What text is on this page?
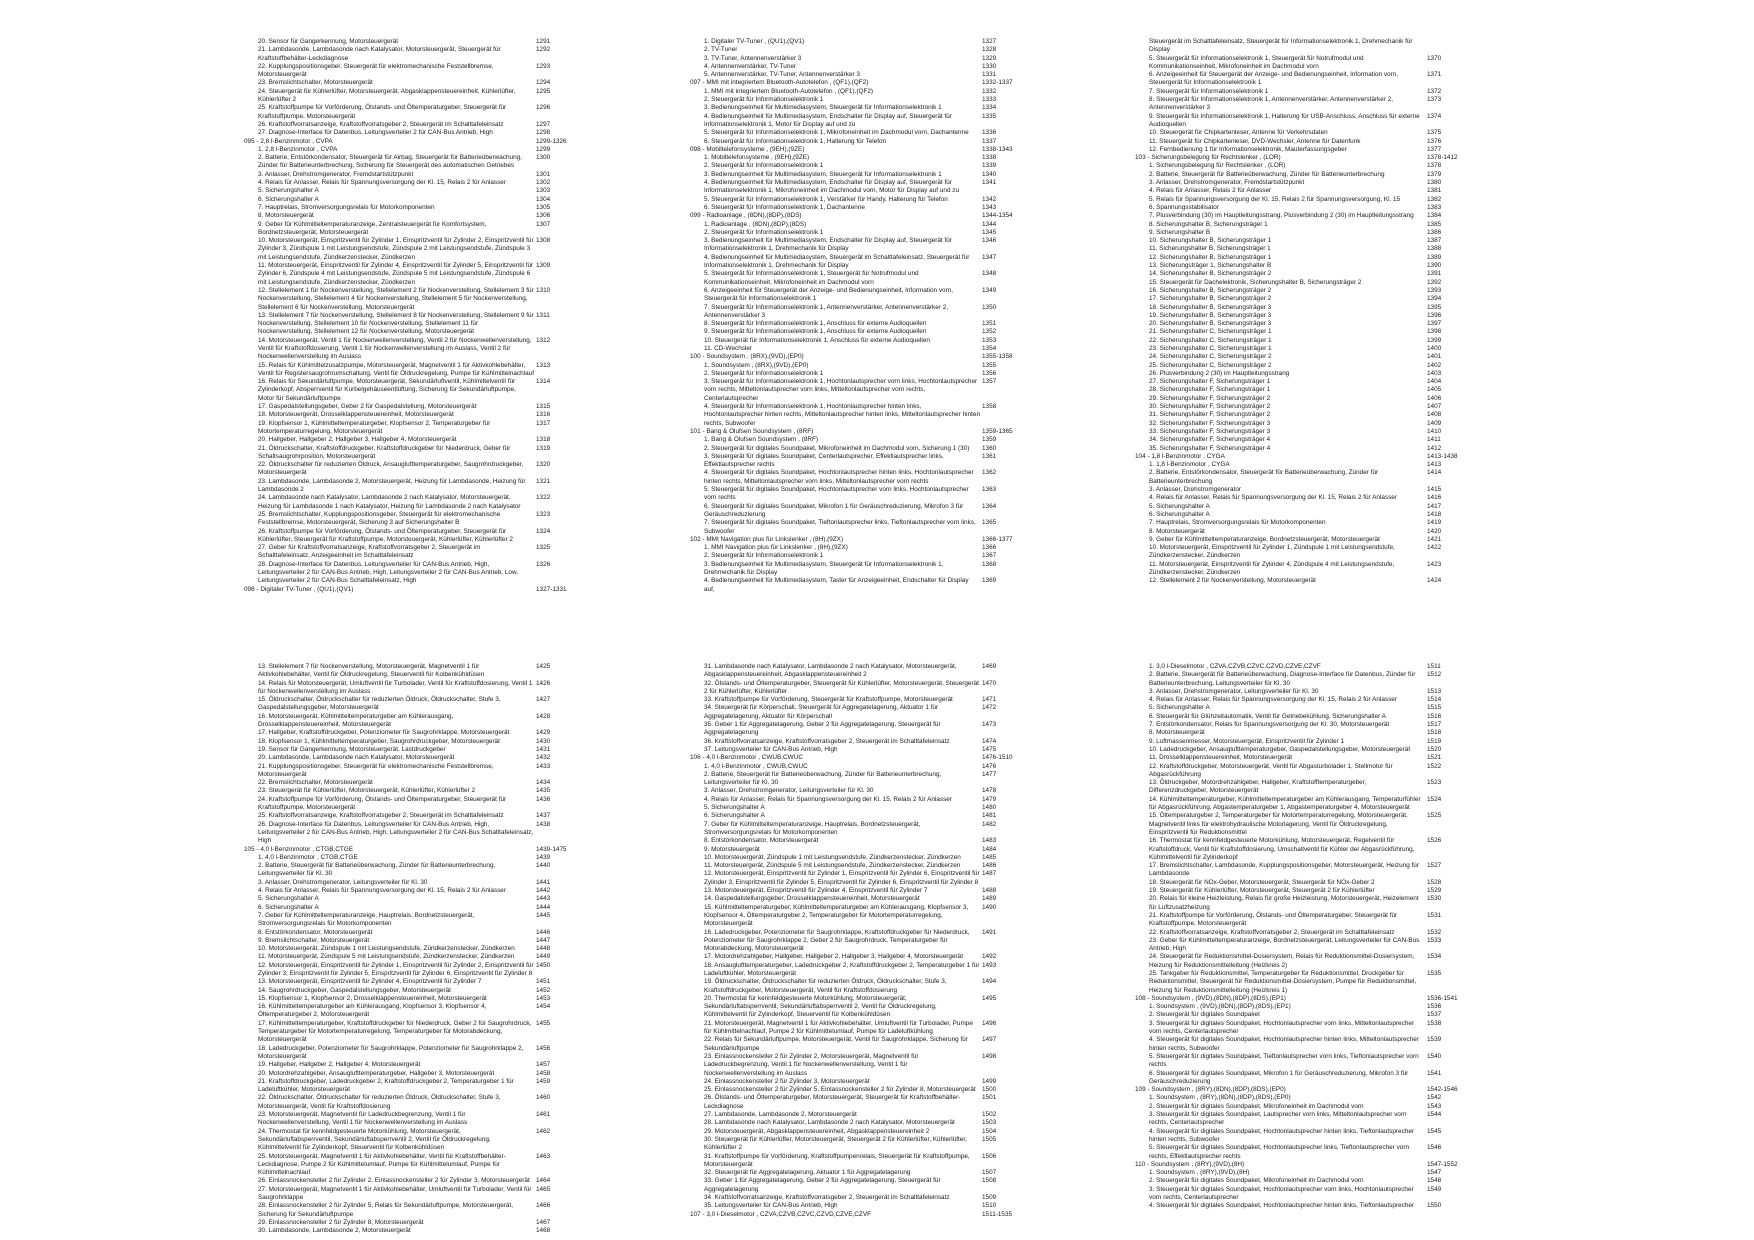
20. Sensor für Gangerkennung, Motorsteuergerät	1291
21. Lambdasonde, Lambdasonde nach Katalysator, Motorsteuergerät, Steuergerät für Kraftstoffbehälter-Leckdiagnose
1292
22. Kupplungspositionsgeber, Steuergerät für elektromechanische Feststellbremse, Motorsteuergerät
1293
23. Bremslichtschalter, Motorsteuergerät	1294
24. Steuergerät für Kühlerlüfter, Motorsteuergerät, Abgasklappensteuereinheit, Kühlerlüfter, Kühlerlüfter 2
1295
25. Kraftstoffpumpe für Vorförderung, Ölstands- und Öltemperaturgeber, Steuergerät für Kraftstoffpumpe, Motorsteuergerät
1296
26. Kraftstoffvorratsanzeige, Kraftstoffvorratsgeber 2, Steuergerät im Schalttafeleinsatz	1297
27. Diagnose-Interface für Datenbus, Leitungsverteiler 2 für CAN-Bus Antrieb, High	1298
095 - 2,8 l-Benzinmotor , CVPA	1299-1326
1. 2,8 l-Benzinmotor , CVPA	1299
2. Batterie, Entstörkondensator, Steuergerät für Airbag, Steuergerät für Batterieüberwachung, Zünder für Batterieunterbrechung, Sicherung für Steuergerät des automatischen Getriebes
1300
3. Anlasser, Drehstromgenerator, Fremdstartstützpunkt	1301
4. Relais für Anlasser, Relais für Spannungsversorgung der Kl. 15, Relais 2 für Anlasser	1302
5. Sicherungshalter A	1303
6. Sicherungshalter A	1304
7. Hauptrelais, Stromversorgungsrelais für Motorkomponenten	1305
8. Motorsteuergerät	1306
9. Geber für Kühlmitteltemperaturanzeige, Zentralsteuergerät für Komfortsystem, Bordnetzsteuergerät, Motorsteuergerät
1307
10. Motorsteuergerät, Einspritzventil für Zylinder 1, Einspritzventil für Zylinder 2, Einspritzventil für Zylinder 3, Zündspule 1 mit Leistungsendstufe, Zündspule 2 mit Leistungsendstufe, Zündspule 3 mit Leistungsendstufe, Zündkerzenstecker, Zündkerzen
1308
11. Motorsteuergerät, Einspritzventil für Zylinder 4, Einspritzventil für Zylinder 5, Einspritzventil für Zylinder 6, Zündspule 4 mit Leistungsendstufe, Zündspule 5 mit Leistungsendstufe, Zündspule 6 mit Leistungsendstufe, Zündkerzenstecker, Zündkerzen
1309
12. Stellelement 1 für Nockenverstellung, Stellelement 2 für Nockenverstellung, Stellelement 3 für Nockenverstellung, Stellelement 4 für Nockenverstellung, Stellelement 5 für Nockenverstellung, Stellelement 6 für Nockenverstellung, Motorsteuergerät
1310
13. Stellelement 7 für Nockenverstellung, Stellelement 8 für Nockenverstellung, Stellelement 9 für Nockenverstellung, Stellelement 10 für Nockenverstellung, Stellelement 11 für Nockenverstellung, Stellelement 12 für Nockenverstellung, Motorsteuergerät
1311
14. Motorsteuergerät, Ventil 1 für Nockenwellenverstellung, Ventil 2 für Nockenwellenverstellung, Ventil für Kraftstoffdosierung, Ventil 1 für Nockenwellenverstellung im Auslass, Ventil 2 für Nockenwellenverstellung im Auslass
1312
15. Relais für Kühlmittelzusatzpumpe, Motorsteuergerät, Magnetventil 1 für Aktivkohlebehälter, Ventil für Registersaugrohrumschaltung, Ventil für Öldruckregelung, Pumpe für Kühlmittelnachlauf
1313
16. Relais für Sekundärluftpumpe, Motorsteuergerät, Sekundärluftventil, Kühlmittelventil für Zylinderkopf, Absperrventil für Kurbelgehäuseentlüftung, Sicherung für Sekundärluftpumpe, Motor für Sekundärluftpumpe
1314
17. Gaspedalstellungsgeber, Geber 2 für Gaspedalstellung, Motorsteuergerät	1315
18. Motorsteuergerät, Drosselklappensteuereinheit, Motorsteuergerät	1316
19. Klopfsensor 1, Kühlmitteltemperaturgeber, Klopfsensor 2, Temperaturgeber für Motortemperaturregelung, Motorsteuergerät
1317
20. Hallgeber, Hallgeber 2, Hallgeber 3, Hallgeber 4, Motorsteuergerät	1318
21. Öldruckschalter, Kraftstoffdruckgeber, Kraftstoffdruckgeber für Niederdruck, Geber für Schaltsaugrohrposition, Motorsteuergerät
1319
22. Öldruckschalter für reduzierten Öldruck, Ansauglufttemperaturgeber, Saugrohrdruckgeber, Motorsteuergerät
1320
23. Lambdasonde, Lambdasonde 2, Motorsteuergerät, Heizung für Lambdasonde, Heizung für Lambdasonde 2
1321
24. Lambdasonde nach Katalysator, Lambdasonde 2 nach Katalysator, Motorsteuergerät, Heizung für Lambdasonde 1 nach Katalysator, Heizung für Lambdasonde 2 nach Katalysator
1322
25. Bremslichtschalter, Kupplungspositionsgeber, Steuergerät für elektromechanische Feststellbremse, Motorsteuergerät, Sicherung 3 auf Sicherungshalter B
1323
26. Kraftstoffpumpe für Vorförderung, Ölstands- und Öltemperaturgeber, Steuergerät für Kühlerlüfter, Steuergerät für Kraftstoffpumpe, Motorsteuergerät, Kühlerlüfter, Kühlerlüfter 2
1324
27. Geber für Kraftstoffvorratsanzeige, Kraftstoffvorratsgeber 2, Steuergerät im Schalttafeleinsatz, Anzeigeeinheit im Schalttafeleinsatz
1325
28. Diagnose-Interface für Datenbus, Leitungsverteiler für CAN-Bus Antrieb, High, Leitungsverteiler 2 für CAN-Bus Antrieb, High, Leitungsverteiler 2 für CAN-Bus Antrieb, Low, Leitungsverteiler 2 für CAN-Bus Schalttafeleinsatz, High
1326
096 - Digitaler TV-Tuner , (QU1),(QV1)	1327-1331
1. Digitaler TV-Tuner , (QU1),(QV1)	1327
2. TV-Tuner	1328
3. TV-Tuner, Antennenverstärker 3	1329
4. Antennenverstärker, TV-Tuner	1330
5. Antennenverstärker, TV-Tuner, Antennenverstärker 3	1331
097 - MMI mit integriertem Bluetooth-Autotelefon , (QF1),(QF2)	1332-1337
1. MMI mit integriertem Bluetooth-Autotelefon , (QF1),(QF2)	1332
2. Steuergerät für Informationselektronik 1	1333
3. Bedienungseinheit für Multimediasystem, Steuergerät für Informationselektronik 1	1334
4. Bedienungseinheit für Multimediasystem, Endschalter für Display auf, Steuergerät für Informationselektronik 1, Motor für Display auf und zu
1335
5. Steuergerät für Informationselektronik 1, Mikrofoneinheit im Dachmodul vorn, Dachantenne	1336
6. Steuergerät für Informationselektronik 1, Halterung für Telefon	1337
098 - Mobiltelefonsysteme , (9EH),(9ZE)	1338-1343
1. Mobiltelefonsysteme , (9EH),(9ZE)	1338
2. Steuergerät für Informationselektronik 1	1339
3. Bedienungseinheit für Multimediasystem, Steuergerät für Informationselektronik 1	1340
4. Bedienungseinheit für Multimediasystem, Endschalter für Display auf, Steuergerät für Informationselektronik 1, Mikrofoneinheit im Dachmodul vorn, Motor für Display auf und zu
1341
5. Steuergerät für Informationselektronik 1, Verstärker für Handy, Halterung für Telefon	1342
6. Steuergerät für Informationselektronik 1, Dachantenne	1343
099 - Radioanlage , (8DN),(8DP),(8DS)	1344-1354
1. Radioanlage , (8DN),(8DP),(8DS)	1344
2. Steuergerät für Informationselektronik 1	1345
3. Bedienungseinheit für Multimediasystem, Endschalter für Display auf, Steuergerät für Informationselektronik 1, Drehmechanik für Display
1346
4. Bedienungseinheit für Multimediasystem, Steuergerät im Schalttafeleinsatz, Steuergerät für Informationselektronik 1, Drehmechanik für Display
1347
5. Steuergerät für Informationselektronik 1, Steuergerät für Notrufmodul und Kommunikationseinheit, Mikrofoneinheit im Dachmodul vorn
1348
6. Anzeigeeinheit für Steuergerät der Anzeige- und Bedienungseinheit, Information vorn, Steuergerät für Informationselektronik 1
1349
7. Steuergerät für Informationselektronik 1, Antennenverstärker, Antennenverstärker 2, Antennenverstärker 3
1350
8. Steuergerät für Informationselektronik 1, Anschluss für externe Audioquellen	1351
9. Steuergerät für Informationselektronik 1, Anschluss für externe Audioquellen	1352
10. Steuergerät für Informationselektronik 1, Anschluss für externe Audioquellen	1353
11. CD-Wechsler	1354
100 - Soundsystem , (8RX),(9VD),(EP0)	1355-1358
1. Soundsystem , (8RX),(9VD),(EP0)	1355
2. Steuergerät für Informationselektronik 1	1356
3. Steuergerät für Informationselektronik 1, Hochtonlautsprecher vorn links, Hochtonlautsprecher vorn rechts, Mitteltonlautsprecher vorn links, Mitteltonlautsprecher vorn rechts, Centerlautsprecher
1357
4. Steuergerät für Informationselektronik 1, Hochtonlautsprecher hinten links, Hochtonlautsprecher hinten rechts, Mitteltonlautsprecher hinten links, Mitteltonlautsprecher hinten rechts, Subwoofer
1358
101 - Bang & Olufsen Soundsystem , (8RF)	1359-1365
1. Bang & Olufsen Soundsystem , (8RF)	1359
2. Steuergerät für digitales Soundpaket, Mikrofoneinheit im Dachmodul vorn, Sicherung 1 (30)	1360
3. Steuergerät für digitales Soundpaket, Centerlautsprecher, Effektlautsprecher links, Effektlautsprecher rechts
1361
4. Steuergerät für digitales Soundpaket, Hochtonlautsprecher hinten links, Hochtonlautsprecher hinten rechts, Mitteltonlautsprecher vorn links, Mitteltonlautsprecher vorn rechts
1362
5. Steuergerät für digitales Soundpaket, Hochtonlautsprecher vorn links, Hochtonlautsprecher vorn rechts
1363
6. Steuergerät für digitales Soundpaket, Mikrofon 1 für Geräuschreduzierung, Mikrofon 3 für Geräuschreduzierung
1364
7. Steuergerät für digitales Soundpaket, Tieftonlautsprecher links, Tieftonlautsprecher vorn links, Subwoofer
1365
102 - MMI Navigation plus für Linkslenker , (8H),(9ZX)	1366-1377
1. MMI Navigation plus für Linkslenker , (8H),(9ZX)	1366
2. Steuergerät für Informationselektronik 1	1367
3. Bedienungseinheit für Multimediasystem, Steuergerät für Informationselektronik 1, Drehmechanik für Display
1368
4. Bedienungseinheit für Multimediasystem, Taster für Anzeigeeinheit, Endschalter für Display auf,
1369
Steuergerät im Schalttafeleinsatz, Steuergerät für Informationselektronik 1, Drehmechanik für Display
5. Steuergerät für Informationselektronik 1, Steuergerät für Notrufmodul und Kommunikationseinheit, Mikrofoneinheit im Dachmodul vorn
1370
6. Anzeigeeinheit für Steuergerät der Anzeige- und Bedienungseinheit, Information vorn, Steuergerät für Informationselektronik 1
1371
7. Steuergerät für Informationselektronik 1	1372
8. Steuergerät für Informationselektronik 1, Antennenverstärker, Antennenverstärker 2, Antennenverstärker 3
1373
9. Steuergerät für Informationselektronik 1, Halterung für USB-Anschluss, Anschluss für externe Audioquellen
1374
10. Steuergerät für Chipkartenleser, Antenne für Verkehrsdaten	1375
11. Steuergerät für Chipkartenleser, DVD-Wechsler, Antenne für Datenfunk	1376
12. Fernbedienung 1 für Informationselektronik, Mauterfassungsgeber	1377
103 - Sicherungsbelegung für Rechtslenker , (LOR)	1378-1412
1. Sicherungsbelegung für Rechtslenker , (LOR)	1378
2. Batterie, Steuergerät für Batterieüberwachung, Zünder für Batterieunterbrechung	1379
3. Anlasser, Drehstromgenerator, Fremdstartstützpunkt	1380
4. Relais für Anlasser, Relais 2 für Anlasser	1381
5. Relais für Spannungsversorgung der Kl. 15, Relais 2 für Spannungsversorgung, Kl. 15	1382
6. Spannungsstabilisator	1383
7. Plusverbindung (30) im Hauptleitungsstrang, Plusverbindung 2 (30) im Hauptleitungsstrang	1384
8. Sicherungshalter B, Sicherungsträger 1	1385
9. Sicherungshalter B	1386
10. Sicherungshalter B, Sicherungsträger 1	1387
11. Sicherungshalter B, Sicherungsträger 1	1388
12. Sicherungshalter B, Sicherungsträger 1	1389
13. Sicherungsträger 1, Sicherungshalter B	1390
14. Sicherungshalter B, Sicherungsträger 2	1391
15. Steuergerät für Dachelektronik, Sicherungshalter B, Sicherungsträger 2	1392
16. Sicherungshalter B, Sicherungsträger 2	1393
17. Sicherungshalter B, Sicherungsträger 2	1394
18. Sicherungshalter B, Sicherungsträger 3	1395
19. Sicherungshalter B, Sicherungsträger 3	1396
20. Sicherungshalter B, Sicherungsträger 3	1397
21. Sicherungshalter C, Sicherungsträger 1	1398
22. Sicherungshalter C, Sicherungsträger 1	1399
23. Sicherungshalter C, Sicherungsträger 1	1400
24. Sicherungshalter C, Sicherungsträger 2	1401
25. Sicherungshalter C, Sicherungsträger 2	1402
26. Plusverbindung 2 (30) im Hauptleitungsstrang	1403
27. Sicherungshalter F, Sicherungsträger 1	1404
28. Sicherungshalter F, Sicherungsträger 1	1405
29. Sicherungshalter F, Sicherungsträger 2	1406
30. Sicherungshalter F, Sicherungsträger 2	1407
31. Sicherungshalter F, Sicherungsträger 2	1408
32. Sicherungshalter F, Sicherungsträger 3	1409
33. Sicherungshalter F, Sicherungsträger 3	1410
34. Sicherungshalter F, Sicherungsträger 4	1411
35. Sicherungshalter F, Sicherungsträger 4	1412
104 - 1,8 l-Benzinmotor , CYGA	1413-1438
1. 1,8 l-Benzinmotor , CYGA	1413
2. Batterie, Entstörkondensator, Steuergerät für Batterieüberwachung, Zünder für Batterieunterbrechung
1414
3. Anlasser, Drehstromgenerator	1415
4. Relais für Anlasser, Relais für Spannungsversorgung der Kl. 15, Relais 2 für Anlasser	1416
5. Sicherungshalter A	1417
6. Sicherungshalter A	1418
7. Hauptrelais, Stromversorgungsrelais für Motorkomponenten	1419
8. Motorsteuergerät	1420
9. Geber für Kühlmitteltemperaturanzeige, Bordnetzsteuergerät, Motorsteuergerät	1421
10. Motorsteuergerät, Einspritzventil für Zylinder 1, Zündspule 1 mit Leistungsendstufe, Zündkerzenstecker, Zündkerzen
1422
11. Motorsteuergerät, Einspritzventil für Zylinder 4, Zündspule 4 mit Leistungsendstufe, Zündkerzenstecker, Zündkerzen
1423
12. Stellelement 2 für Nockenverstellung, Motorsteuergerät	1424
13. Stellelement 7 für Nockenverstellung, Motorsteuergerät, Magnetventil 1 für Aktivkohlebehälter, Ventil für Öldruckregelung, Steuerventil für Kolbenkühldüsen
1425
14. Relais für Motorsteuergerät, Umluftventil für Turbolader, Ventil für Kraftstoffdosierung, Ventil 1 für Nockenwellenverstellung im Auslass
1426
15. Öldruckschalter, Öldruckschalter für reduzierten Öldruck, Öldruckschalter, Stufe 3, Gaspedalstellungsgeber, Motorsteuergerät
1427
16. Motorsteuergerät, Kühlmitteltemperaturgeber am Kühlerausgang, Drosselklappensteuereinheit, Motorsteuergerät
1428
17. Hallgeber, Kraftstoffdruckgeber, Potenziometer für Saugrohrklappe, Motorsteuergerät	1429
18. Klopfsensor 1, Kühlmitteltemperaturgeber, Saugrohrdruckgeber, Motorsteuergerät	1430
19. Sensor für Gangerkennung, Motorsteuergerät, Lastdruckgeber	1431
20. Lambdasonde, Lambdasonde nach Katalysator, Motorsteuergerät	1432
21. Kupplungspositionsgeber, Steuergerät für elektromechanische Feststellbremse, Motorsteuergerät
1433
22. Bremslichtschalter, Motorsteuergerät	1434
23. Steuergerät für Kühlerlüfter, Motorsteuergerät, Kühlerlüfter, Kühlerlüfter 2	1435
24. Kraftstoffpumpe für Vorförderung, Ölstands- und Öltemperaturgeber, Steuergerät für Kraftstoffpumpe, Motorsteuergerät
1436
25. Kraftstoffvorratsanzeige, Kraftstoffvorratsgeber 2, Steuergerät im Schalttafeleinsatz	1437
26. Diagnose-Interface für Datenbus, Leitungsverteiler für CAN-Bus Antrieb, High, Leitungsverteiler 2 für CAN-Bus Antrieb, High, Leitungsverteiler 2 für CAN-Bus Schalttafeleinsatz, High
1438
105 - 4,0 l-Benzinmotor , CTGB,CTGE	1439-1475
1. 4,0 l-Benzinmotor , CTGB,CTGE	1439
2. Batterie, Steuergerät für Batterieüberwachung, Zünder für Batterieunterbrechung, Leitungsverteiler für Kl. 30
1440
3. Anlasser, Drehstromgenerator, Leitungsverteiler für Kl. 30	1441
4. Relais für Anlasser, Relais für Spannungsversorgung der Kl. 15, Relais 2 für Anlasser	1442
5. Sicherungshalter A	1443
6. Sicherungshalter A	1444
7. Geber für Kühlmitteltemperaturanzeige, Hauptrelais, Bordnetzsteuergerät, Stromversorgungsrelais für Motorkomponenten
1445
8. Entstörkondensator, Motorsteuergerät	1446
9. Bremslichtschalter, Motorsteuergerät	1447
10. Motorsteuergerät, Zündspule 1 mit Leistungsendstufe, Zündkerzenstecker, Zündkerzen	1448
11. Motorsteuergerät, Zündspule 5 mit Leistungsendstufe, Zündkerzenstecker, Zündkerzen	1449
12. Motorsteuergerät, Einspritzventil für Zylinder 1, Einspritzventil für Zylinder 2, Einspritzventil für Zylinder 3, Einspritzventil für Zylinder 5, Einspritzventil für Zylinder 6, Einspritzventil für Zylinder 8
1450
13. Motorsteuergerät, Einspritzventil für Zylinder 4, Einspritzventil für Zylinder 7	1451
14. Saugrohrdruckgeber, Gaspedalstellungsgeber, Motorsteuergerät	1452
15. Klopfsensor 1, Klopfsensor 2, Drosselklappensteuereinheit, Motorsteuergerät	1453
16. Kühlmitteltemperaturgeber am Kühlerausgang, Klopfsensor 3, Klopfsensor 4, Öltemperaturgeber 2, Motorsteuergerät
1454
17. Kühlmitteltemperaturgeber, Kraftstoffdruckgeber für Niederdruck, Geber 2 für Saugrohrdruck, Temperaturgeber für Motortemperaturregelung, Temperaturgeber für Motorabdeckung, Motorsteuergerät
1455
18. Ladedruckgeber, Potenziometer für Saugrohrklappe, Potenziometer für Saugrohrklappe 2, Motorsteuergerät
1456
19. Hallgeber, Hallgeber 2, Hallgeber 4, Motorsteuergerät	1457
20. Motordrehzahlgeber, Ansauglufttemperaturgeber, Hallgeber 3, Motorsteuergerät	1458
21. Kraftstoffdruckgeber, Ladedruckgeber 2, Kraftstoffdruckgeber 2, Temperaturgeber 1 für Ladeluftkühler, Motorsteuergerät
1459
22. Öldruckschalter, Öldruckschalter für reduzierten Öldruck, Öldruckschalter, Stufe 3, Motorsteuergerät, Ventil für Kraftstoffdosierung
1460
23. Motorsteuergerät, Magnetventil für Ladedruckbegrenzung, Ventil 1 für Nockenwellenverstellung, Ventil 1 für Nockenwellenverstellung im Auslass
1461
24. Thermostat für kennfeldgesteuerte Motorkühlung, Motorsteuergerät, Sekundärluftabsperrventil, Sekundärluftabsperrventil 2, Ventil für Öldruckregelung, Kühlmittelventil für Zylinderkopf, Steuerventil für Kolbenkühldüsen
1462
25. Motorsteuergerät, Magnetventil 1 für Aktivkohlebehälter, Ventil für Kraftstoffbehälter-Leckdiagnose, Pumpe 2 für Kühlmittelumlauf, Pumpe für Kühlmittelumlauf, Pumpe für Kühlmittelnachlauf
1463
26. Einlassnockensteller 2 für Zylinder 2, Einlassnockensteller 2 für Zylinder 3, Motorsteuergerät 1464
27. Motorsteuergerät, Magnetventil 1 für Aktivkohlebehälter, Umluftventil für Turbolader, Ventil für Saugrohrklappe
1465
28. Einlassnockensteller 2 für Zylinder 5, Relais für Sekundärluftpumpe, Motorsteuergerät, Sicherung für Sekundärluftpumpe
1466
29. Einlassnockensteller 2 für Zylinder 8, Motorsteuergerät	1467
30. Lambdasonde, Lambdasonde 2, Motorsteuergerät	1468
31. Lambdasonde nach Katalysator, Lambdasonde 2 nach Katalysator, Motorsteuergerät, Abgasklappensteuereinheit, Abgasklappensteuereinheit 2
1469
32. Ölstands- und Öltemperaturgeber, Steuergerät für Kühlerlüfter, Motorsteuergerät, Steuergerät 2 für Kühlerlüfter, Kühlerlüfter
1470
33. Kraftstoffpumpe für Vorförderung, Steuergerät für Kraftstoffpumpe, Motorsteuergerät	1471
34. Steuergerät für Körperschall, Steuergerät für Aggregatelagerung, Aktuator 1 für Aggregatelagerung, Aktuator für Körperschall
1472
35. Geber 1 für Aggregatelagerung, Geber 2 für Aggregatelagerung, Steuergerät für Aggregatelagerung
1473
36. Kraftstoffvorratsanzeige, Kraftstoffvorratsgeber 2, Steuergerät im Schalttafeleinsatz	1474
37. Leitungsverteiler für CAN-Bus Antrieb, High	1475
106 - 4,0 l-Benzinmotor , CWUB,CWUC	1476-1510
1. 4,0 l-Benzinmotor , CWUB,CWUC	1476
2. Batterie, Steuergerät für Batterieüberwachung, Zünder für Batterieunterbrechung, Leitungsverteiler für Kl. 30
1477
3. Anlasser, Drehstromgenerator, Leitungsverteiler für Kl. 30	1478
4. Relais für Anlasser, Relais für Spannungsversorgung der Kl. 15, Relais 2 für Anlasser	1479
5. Sicherungshalter A	1480
6. Sicherungshalter A	1481
7. Geber für Kühlmitteltemperaturanzeige, Hauptrelais, Bordnetzsteuergerät, Stromversorgungsrelais für Motorkomponenten
1482
8. Entstörkondensator, Motorsteuergerät	1483
9. Motorsteuergerät	1484
10. Motorsteuergerät, Zündspule 1 mit Leistungsendstufe, Zündkerzenstecker, Zündkerzen	1485
11. Motorsteuergerät, Zündspule 5 mit Leistungsendstufe, Zündkerzenstecker, Zündkerzen	1486
12. Motorsteuergerät, Einspritzventil für Zylinder 1, Einspritzventil für Zylinder 6, Einspritzventil für Zylinder 3, Einspritzventil für Zylinder 5, Einspritzventil für Zylinder 6, Einspritzventil für Zylinder 8
1487
13. Motorsteuergerät, Einspritzventil für Zylinder 4, Einspritzventil für Zylinder 7	1488
14. Gaspedalstellungsgeber, Drosselklappensteuereinheit, Motorsteuergerät	1489
15. Kühlmitteltemperaturgeber, Kühlmitteltemperaturgeber am Kühlerausgang, Klopfsensor 3, Klopfsensor 4, Öltemperaturgeber 2, Temperaturgeber für Motortemperaturregelung, Motorsteuergerät
1490
16. Ladedruckgeber, Potenziometer für Saugrohrklappe, Kraftstoffdruckgeber für Niederdruck, Potenziometer für Saugrohrklappe 2, Geber 2 für Saugrohrdruck, Temperaturgeber für Motorabdeckung, Motorsteuergerät
1491
17. Motordrehzahlgeber, Hallgeber, Hallgeber 2, Hallgeber 3, Hallgeber 4, Motorsteuergerät	1492
18. Ansauglufttemperaturgeber, Ladedruckgeber 2, Kraftstoffdruckgeber 2, Temperaturgeber 1 für Ladeluftkühler, Motorsteuergerät
1493
19. Öldruckschalter, Öldruckschalter für reduzierten Öldruck, Öldruckschalter, Stufe 3, Kraftstoffdruckgeber, Motorsteuergerät, Ventil für Kraftstoffdosierung
1494
20. Thermostat für kennfeldgesteuerte Motorkühlung, Motorsteuergerät, Sekundärluftabsperrventil, Sekundärluftabsperrventil 2, Ventil für Öldruckregelung, Kühlmittelventil für Zylinderkopf, Steuerventil für Kolbenkühldüsen
1495
21. Motorsteuergerät, Magnetventil 1 für Aktivkohlebehälter, Umluftventil für Turbolader, Pumpe für Kühlmittelnachlauf, Pumpe 2 für Kühlmittelumlauf, Pumpe für Ladeluftkühlung
1496
22. Relais für Sekundärluftpumpe, Motorsteuergerät, Ventil für Saugrohrklappe, Sicherung für Sekundärluftpumpe
1497
23. Einlassnockensteller 2 für Zylinder 2, Motorsteuergerät, Magnetventil für Ladedruckbegrenzung, Ventil 1 für Nockenwellenverstellung, Ventil 1 für Nockenwellenverstellung im Auslass
1498
24. Einlassnockensteller 2 für Zylinder 3, Motorsteuergerät	1499
25. Einlassnockensteller 2 für Zylinder 5, Einlassnockensteller 2 für Zylinder 8, Motorsteuergerät 1500
26. Ölstands- und Öltemperaturgeber, Motorsteuergerät, Steuergerät für Kraftstoffbehälter-Leckdiagnose
1501
27. Lambdasonde, Lambdasonde 2, Motorsteuergerät	1502
28. Lambdasonde nach Katalysator, Lambdasonde 2 nach Katalysator, Motorsteuergerät	1503
29. Motorsteuergerät, Abgasklappensteuereinheit, Abgasklappensteuereinheit 2	1504
30. Steuergerät für Kühlerlüfter, Motorsteuergerät, Steuergerät 2 für Kühlerlüfter, Kühlerlüfter, Kühlerlüfter 2
1505
31. Kraftstoffpumpe für Vorförderung, Kraftstoffpumpenrelais, Steuergerät für Kraftstoffpumpe, Motorsteuergerät
1506
32. Steuergerät für Aggregatelagerung, Aktuator 1 für Aggregatelagerung	1507
33. Geber 1 für Aggregatelagerung, Geber 2 für Aggregatelagerung, Steuergerät für Aggregatelagerung
1508
34. Kraftstoffvorratsanzeige, Kraftstoffvorratsgeber 2, Steuergerät im Schalttafeleinsatz	1509
35. Leitungsverteiler für CAN-Bus Antrieb, High	1510
107 - 3,0 l-Dieselmotor , CZVA,CZVB,CZVC,CZVD,CZVE,CZVF	1511-1535
1. 3,0 l-Dieselmotor , CZVA,CZVB,CZVC,CZVD,CZVE,CZVF	1511
2. Batterie, Steuergerät für Batterieüberwachung, Diagnose-Interface für Datenbus, Zünder für Batterieunterbrechung, Leitungsverteiler für Kl. 30
1512
3. Anlasser, Drehstromgenerator, Leitungsverteiler für Kl. 30	1513
4. Relais für Anlasser, Relais für Spannungsversorgung der Kl. 15, Relais 2 für Anlasser	1514
5. Sicherungshalter A	1515
6. Steuergerät für Glühzeitautomatik, Ventil für Getriebekühlung, Sicherungshalter A	1516
7. Entstörkondensator, Relais für Spannungsversorgung der Kl. 30, Motorsteuergerät	1517
8. Motorsteuergerät	1518
9. Luftmassenmesser, Motorsteuergerät, Einspritzventil für Zylinder 1	1519
10. Ladedruckgeber, Ansauglufttemperaturgeber, Gaspedalstellungsgeber, Motorsteuergerät	1520
11. Drosselklappensteuereinheit, Motorsteuergerät	1521
12. Kraftstoffdruckgeber, Motorsteuergerät, Ventil für Abgasturbolader 1, Stellmotor für Abgasrückführung
1522
13. Öldruckgeber, Motordrehzahlgeber, Hallgeber, Kraftstofftemperaturgeber, Differenzdruckgeber, Motorsteuergerät
1523
14. Kühlmitteltemperaturgeber, Kühlmitteltemperaturgeber am Kühlerausgang, Temperaturfühler für Abgasrückführung, Abgastemperaturgeber 1, Abgastemperaturgeber 4, Motorsteuergerät
1524
15. Öltemperaturgeber 2, Temperaturgeber für Motortemperaturregelung, Motorsteuergerät, Magnetventil links für elektrohydraulische Motorlagerung, Ventil für Öldruckregelung, Einspritzventil für Reduktionsmittel
1525
16. Thermostat für kennfeldgesteuerte Motorkühlung, Motorsteuergerät, Regelventil für Kraftstoffdruck, Ventil für Kraftstoffdosierung, Umschaltventil für Kühler der Abgasrückführung, Kühlmittelventil für Zylinderkopf
1526
17. Bremslichtschalter, Lambdasonde, Kupplungspositionsgeber, Motorsteuergerät, Heizung für Lambdasonde
1527
18. Steuergerät für NOx-Geber, Motorsteuergerät, Steuergerät für NOx-Geber 2	1528
19. Steuergerät für Kühlerlüfter, Motorsteuergerät, Steuergerät 2 für Kühlerlüfter	1529
20. Relais für kleine Heizleistung, Relais für große Heizleistung, Motorsteuergerät, Heizelement für Luftzusatzheizung
1530
21. Kraftstoffpumpe für Vorförderung, Ölstands- und Öltemperaturgeber, Steuergerät für Kraftstoffpumpe, Motorsteuergerät
1531
22. Kraftstoffvorratsanzeige, Kraftstoffvorratsgeber 2, Steuergerät im Schalttafeleinsatz	1532
23. Geber für Kühlmitteltemperaturanzeige, Bordnetzsteuergerät, Leitungsverteiler für CAN-Bus Antrieb, High
1533
24. Steuergerät für Reduktionsmittel-Dosiersystem, Relais für Reduktionsmittel-Dosiersystem, Heizung für Reduktionsmittelleitung (Heizkreis 2)
1534
25. Tankgeber für Reduktionsmittel, Temperaturgeber für Reduktionsmittel, Druckgeber für Reduktionsmittel, Steuergerät für Reduktionsmittel-Dosiersystem, Pumpe für Reduktionsmittel, Heizung für Reduktionsmittelleitung (Heizkreis 1)
1535
108 - Soundsystem , (9VD),(8DN),(8DP),(8DS),(EP1)	1536-1541
1. Soundsystem , (9VD),(8DN),(8DP),(8DS),(EP1)	1536
2. Steuergerät für digitales Soundpaket	1537
3. Steuergerät für digitales Soundpaket, Hochtonlautsprecher vorn links, Mitteltonlautsprecher vorn rechts, Centerlautsprecher
1538
4. Steuergerät für digitales Soundpaket, Hochtonlautsprecher hinten links, Mitteltonlautsprecher hinten rechts, Subwoofer
1539
5. Steuergerät für digitales Soundpaket, Tieftonlautsprecher vorn links, Tieftonlautsprecher vorn rechts
1540
6. Steuergerät für digitales Soundpaket, Mikrofon 1 für Geräuschreduzierung, Mikrofon 3 für Geräuschreduzierung
1541
109 - Soundsystem , (8RY),(8DN),(8DP),(8DS),(EP0)	1542-1546
1. Soundsystem , (8RY),(8DN),(8DP),(8DS),(EP0)	1542
2. Steuergerät für digitales Soundpaket, Mikrofoneinheit im Dachmodul vorn	1543
3. Steuergerät für digitales Soundpaket, Lautsprecher vorn links, Mitteltonlautsprecher vorn rechts, Centerlautsprecher
1544
4. Steuergerät für digitales Soundpaket, Hochtonlautsprecher hinten links, Tieftonlautsprecher hinten rechts, Subwoofer
1545
5. Steuergerät für digitales Soundpaket, Hochtonlautsprecher links, Tieftonlautsprecher vorn rechts, Effektlautsprecher rechts
1546
110 - Soundsystem , (8RY),(9VD),(8H)	1547-1552
1. Soundsystem , (8RY),(9VD),(8H)	1547
2. Steuergerät für digitales Soundpaket, Mikrofoneinheit im Dachmodul vorn	1548
3. Steuergerät für digitales Soundpaket, Hochtonlautsprecher vorn links, Hochtonlautsprecher vorn rechts, Centerlautsprecher
1549
4. Steuergerät für digitales Soundpaket, Hochtonlautsprecher hinten links, Tieftonlautsprecher	1550
